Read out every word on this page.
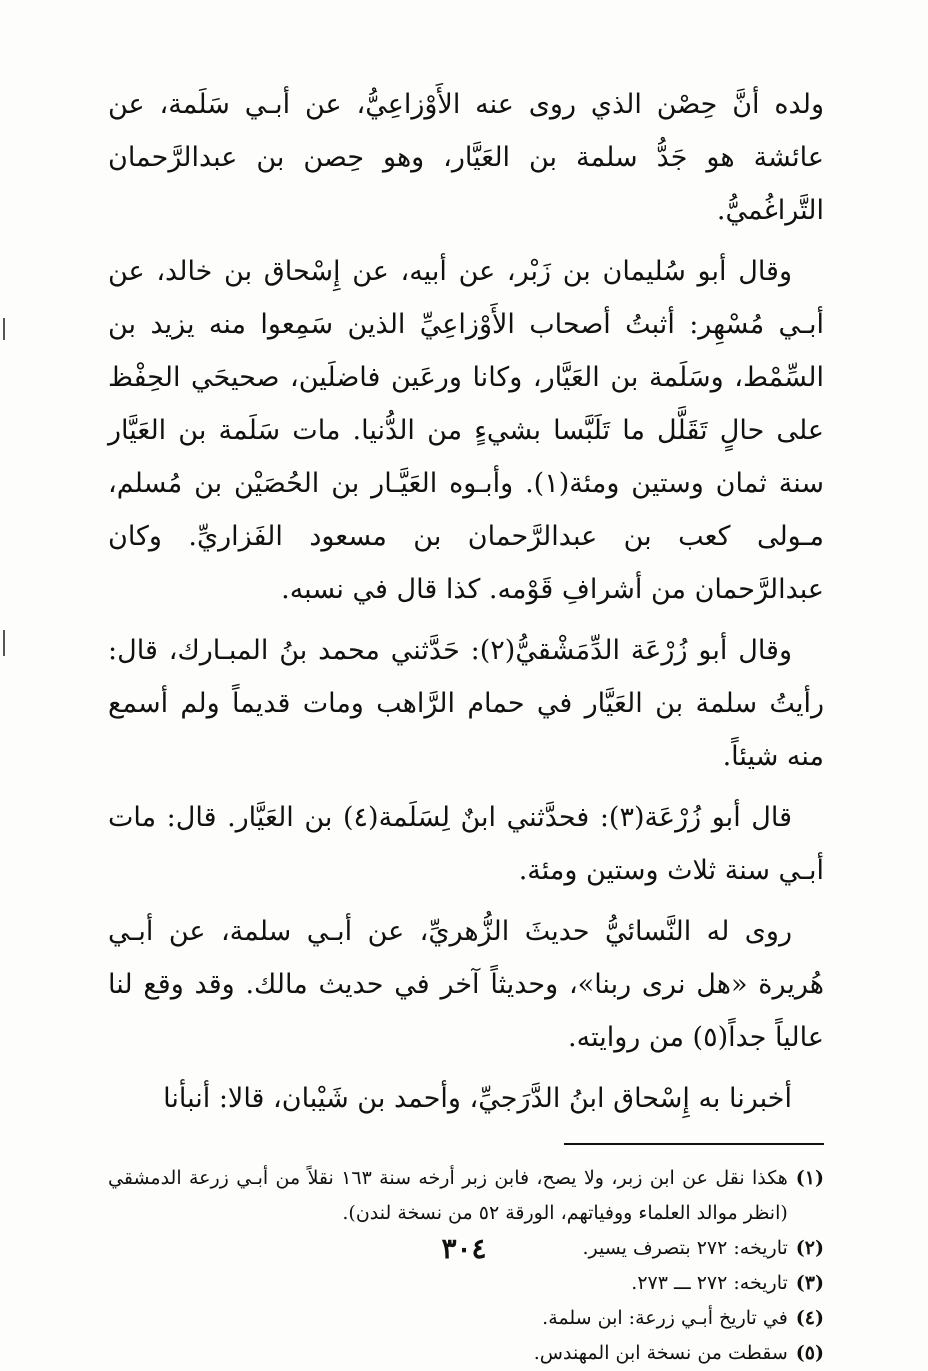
ولده أنَّ حِصْن الذي روى عنه الأَوْزاعِيُّ، عن أبـي سَلَمة، عن عائشة هو جَدُّ سلمة بن العَيَّار، وهو حِصن بن عبدالرَّحمان التَّراغُميُّ.

وقال أبو سُليمان بن زَبْر، عن أبيه، عن إِسْحاق بن خالد، عن أبـي مُسْهِر: أثبتُ أصحاب الأَوْزاعِيِّ الذين سَمِعوا منه يزيد بن السِّمْط، وسَلَمة بن العَيَّار، وكانا ورعَين فاضلَين، صحيحَي الحِفْظ على حالٍ تَقَلَّل ما تَلَبَّسا بشيءٍ من الدُّنيا. مات سَلَمة بن العَيَّار سنة ثمان وستين ومئة(١). وأبـوه العَيَّـار بن الحُصَيْن بن مُسلم، مـولى كعب بن عبدالرَّحمان بن مسعود الفَزاريِّ. وكان عبدالرَّحمان من أشرافِ قَوْمه. كذا قال في نسبه.

وقال أبو زُرْعَة الدِّمَشْقيُّ(٢): حَدَّثني محمد بنُ المبـارك، قال: رأيتُ سلمة بن العَيَّار في حمام الرَّاهب ومات قديماً ولم أسمع منه شيئاً.

قال أبو زُرْعَة(٣): فحدَّثني ابنٌ لِسَلَمة(٤) بن العَيَّار. قال: مات أبـي سنة ثلاث وستين ومئة.

روى له النَّسائيُّ حديثَ الزُّهريِّ، عن أبـي سلمة، عن أبـي هُريرة «هل نرى ربنا»، وحديثاً آخر في حديث مالك. وقد وقع لنا عالياً جداً(٥) من روايته.

أخبرنا به إِسْحاق ابنُ الدَّرَجيِّ، وأحمد بن شَيْبان، قالا: أنبأنا

(١)
هكذا نقل عن ابن زبر، ولا يصح، فابن زبر أرخه سنة ١٦٣ نقلاً من أبـي زرعة الدمشقي (انظر موالد العلماء ووفياتهم، الورقة ٥٢ من نسخة لندن).
(٢)
تاريخه: ٢٧٢ بتصرف يسير.
(٣)
تاريخه: ٢٧٢ ـــ ٢٧٣.
(٤)
في تاريخ أبـي زرعة: ابن سلمة.
(٥)
سقطت من نسخة ابن المهندس.
٣٠٤
